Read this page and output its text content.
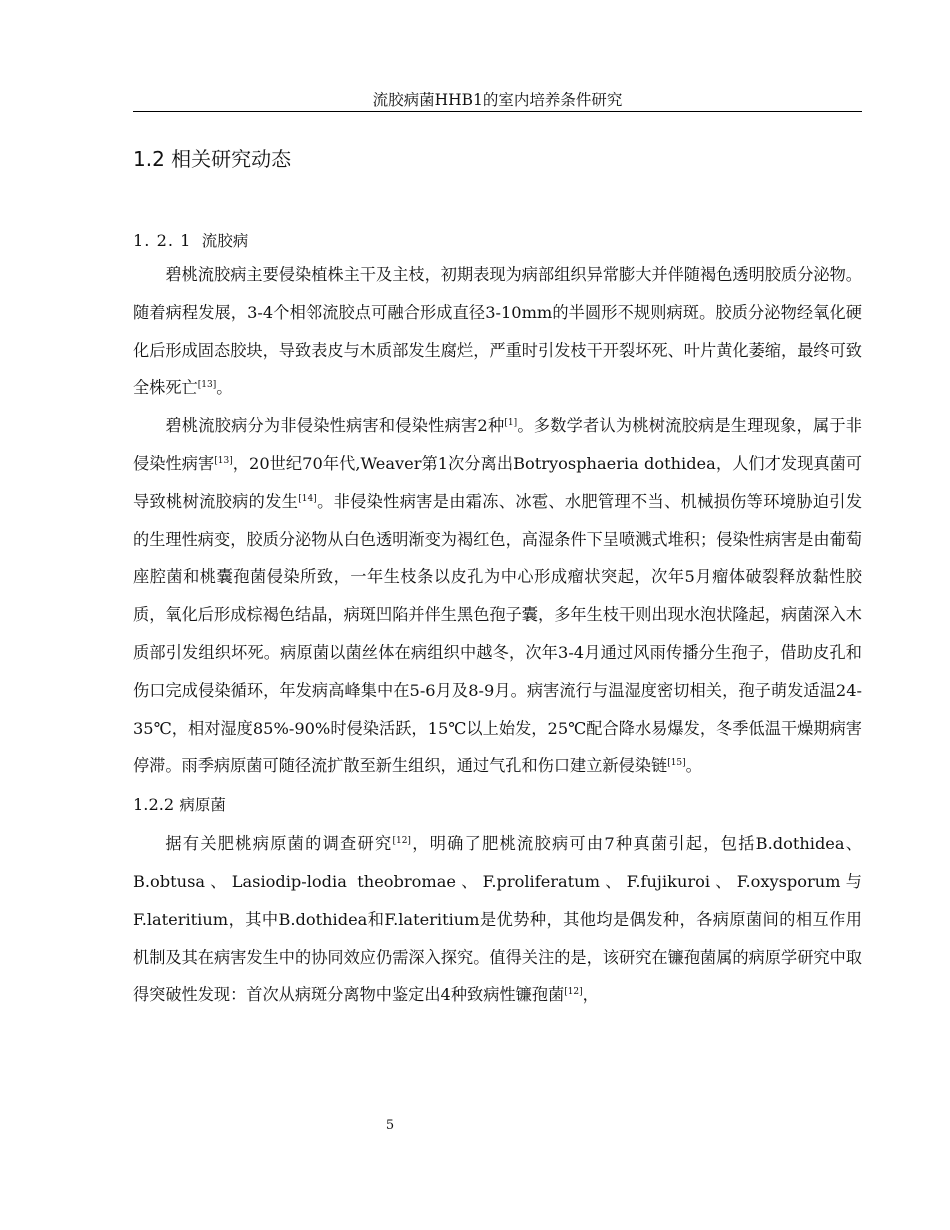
流胶病菌HHB1的室内培养条件研究
1.2 相关研究动态

1. 2. 1 流胶病

碧桃流胶病主要侵染植株主干及主枝，初期表现为病部组织异常膨大并伴随褐色透明胶质分泌物。随着病程发展，3-4个相邻流胶点可融合形成直径3-10mm的半圆形不规则病斑。胶质分泌物经氧化硬化后形成固态胶块，导致表皮与木质部发生腐烂，严重时引发枝干开裂坏死、叶片黄化萎缩，最终可致全株死亡[13]。

碧桃流胶病分为非侵染性病害和侵染性病害2种[1]。多数学者认为桃树流胶病是生理现象，属于非侵染性病害[13]，20世纪70年代,Weaver第1次分离出Botryosphaeria dothidea，人们才发现真菌可导致桃树流胶病的发生[14]。非侵染性病害是由霜冻、冰雹、水肥管理不当、机械损伤等环境胁迫引发的生理性病变，胶质分泌物从白色透明渐变为褐红色，高湿条件下呈喷溅式堆积；侵染性病害是由葡萄座腔菌和桃囊孢菌侵染所致，一年生枝条以皮孔为中心形成瘤状突起，次年5月瘤体破裂释放黏性胶质，氧化后形成棕褐色结晶，病斑凹陷并伴生黑色孢子囊，多年生枝干则出现水泡状隆起，病菌深入木质部引发组织坏死。病原菌以菌丝体在病组织中越冬，次年3-4月通过风雨传播分生孢子，借助皮孔和伤口完成侵染循环，年发病高峰集中在5-6月及8-9月。病害流行与温湿度密切相关，孢子萌发适温24-35℃，相对湿度85%-90%时侵染活跃，15℃以上始发，25℃配合降水易爆发，冬季低温干燥期病害停滞。雨季病原菌可随径流扩散至新生组织，通过气孔和伤口建立新侵染链[15]。

1.2.2 病原菌

据有关肥桃病原菌的调查研究[12]，明确了肥桃流胶病可由7种真菌引起，包括B.dothidea、B.obtusa、Lasiodip-lodia theobromae、F.proliferatum、F.fujikuroi、F.oxysporum与F.lateritium，其中B.dothidea和F.lateritium是优势种，其他均是偶发种，各病原菌间的相互作用机制及其在病害发生中的协同效应仍需深入探究。值得关注的是，该研究在镰孢菌属的病原学研究中取得突破性发现：首次从病斑分离物中鉴定出4种致病性镰孢菌[12]，

5
